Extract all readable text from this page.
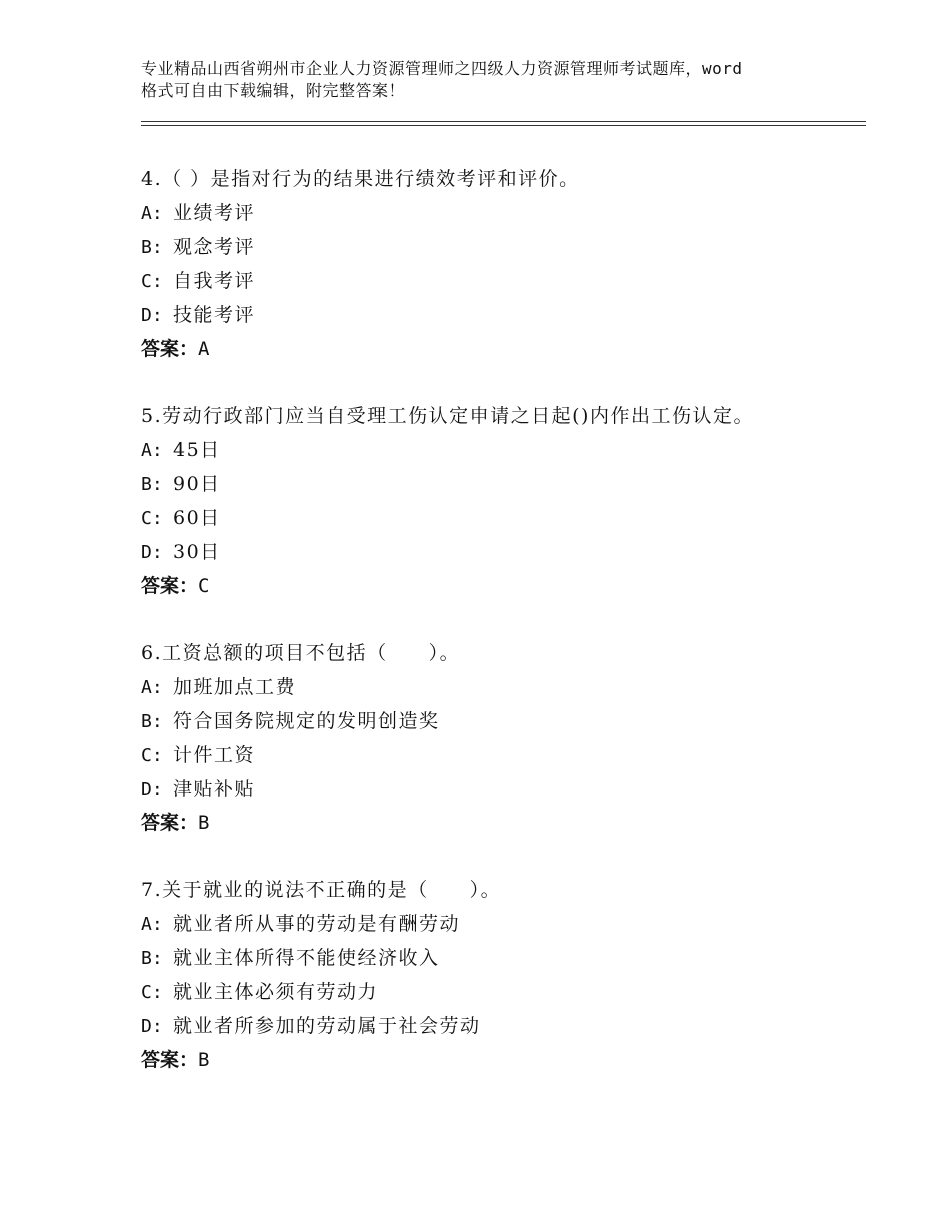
专业精品山西省朔州市企业人力资源管理师之四级人力资源管理师考试题库，word
格式可自由下载编辑，附完整答案！
4.（ ）是指对行为的结果进行绩效考评和评价。
A: 业绩考评
B: 观念考评
C: 自我考评
D: 技能考评
答案：A
5.劳动行政部门应当自受理工伤认定申请之日起()内作出工伤认定。
A: 45日
B: 90日
C: 60日
D: 30日
答案：C
6.工资总额的项目不包括（　　）。
A: 加班加点工费
B: 符合国务院规定的发明创造奖
C: 计件工资
D: 津贴补贴
答案：B
7.关于就业的说法不正确的是（　　）。
A: 就业者所从事的劳动是有酬劳动
B: 就业主体所得不能使经济收入
C: 就业主体必须有劳动力
D: 就业者所参加的劳动属于社会劳动
答案：B
